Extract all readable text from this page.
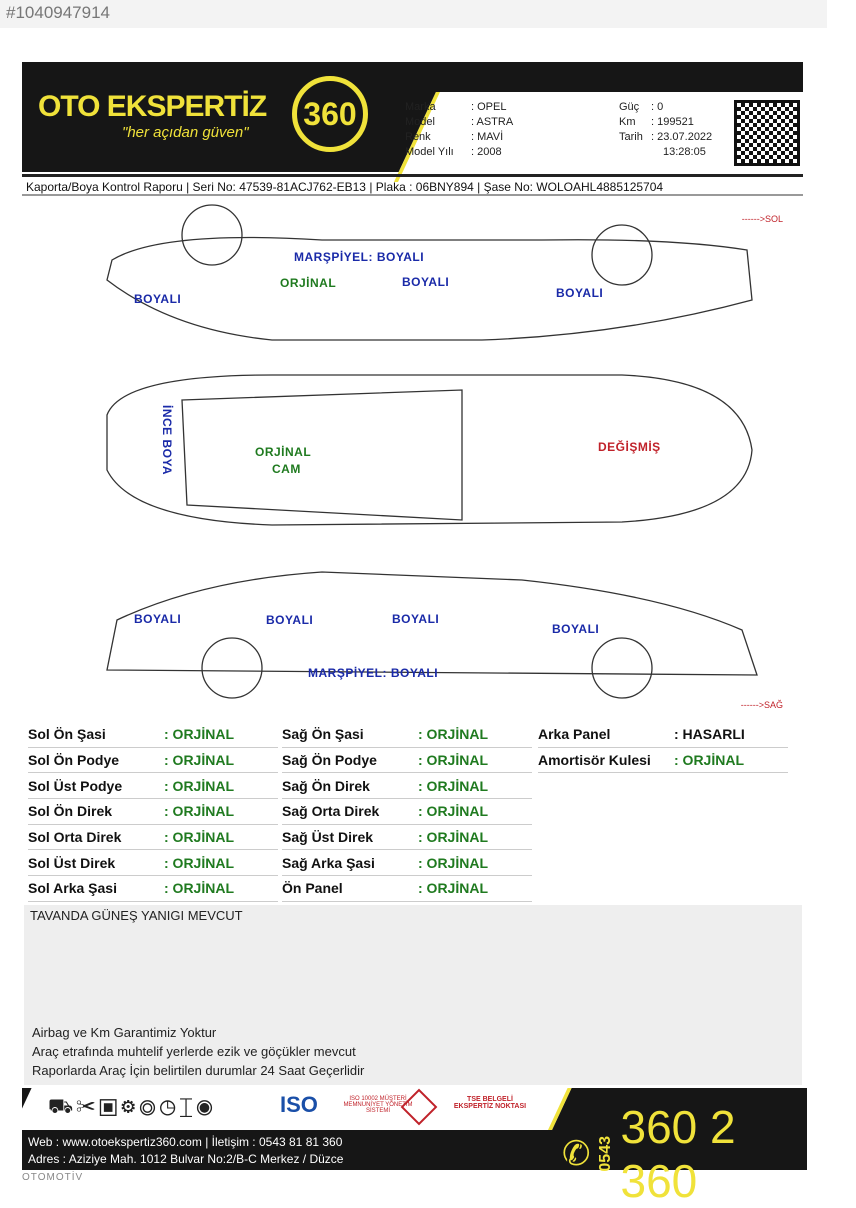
#1040947914
OTO EKSPERTİZ
"her açıdan güven"
360	Marka	: OPEL
Model	: ASTRA
Renk	: MAVİ
Model Yılı : 2008
Güç : 0
Km : 199521
Tarih : 23.07.2022
13:28:05
Kaporta/Boya Kontrol Raporu | Seri No: 47539-81ACJ762-EB13 | Plaka : 06BNY894 | Şase No: WOLOAHL4885125704
------>SOL
------>SAĞ
MARŞPİYEL: BOYALI
ORJİNAL	BOYALI
BOYALI	BOYALI
İNCE BOYA	ORJİNAL
CAM
DEĞİŞMİŞ
BOYALI	BOYALI	BOYALI
BOYALI
MARŞPİYEL: BOYALI
Sol Ön Şasi	: ORJİNAL
Sol Ön Podye	: ORJİNAL
Sol Üst Podye	: ORJİNAL
Sol Ön Direk	: ORJİNAL
Sol Orta Direk	: ORJİNAL
Sol Üst Direk	: ORJİNAL
Sol Arka Şasi	: ORJİNAL
Sağ Ön Şasi	: ORJİNAL
Sağ Ön Podye	: ORJİNAL
Sağ Ön Direk	: ORJİNAL
Sağ Orta Direk	: ORJİNAL
Sağ Üst Direk	: ORJİNAL
Sağ Arka Şasi	: ORJİNAL
Ön Panel	: ORJİNAL
Arka Panel	: HASARLI
Amortisör Kulesi	: ORJİNAL
TAVANDA GÜNEŞ YANIGI MEVCUT
Airbag ve Km Garantimiz Yoktur
Araç etrafında muhtelif yerlerde ezik ve göçükler mevcut
Raporlarda Araç İçin belirtilen durumlar 24 Saat Geçerlidir
⛟✂▣⚙◎◷⌶◉	ISO	ISO 10002 MÜŞTERİ MEMNUNİYET YÖNETİM SİSTEMİ
TSE BELGELİ EKSPERTİZ NOKTASI
Web : www.otoekspertiz360.com | İletişim : 0543 81 81 360
Adres : Aziziye Mah. 1012 Bulvar No:2/B-C Merkez / Düzce	✆ 0543
360 2 360
OTOMOTİV
